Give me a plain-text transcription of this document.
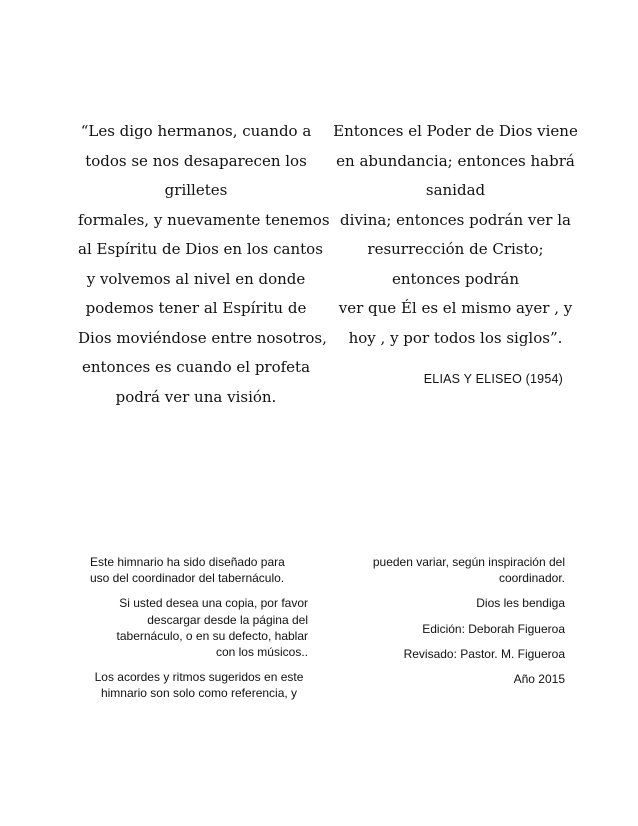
“Les digo hermanos, cuando a
todos se nos desaparecen los
grilletes
formales, y nuevamente tenemos
al Espíritu de Dios en los cantos
y volvemos al nivel en donde
podemos tener al Espíritu de
Dios moviéndose entre nosotros,
entonces es cuando el profeta
podrá ver una visión.
Entonces el Poder de Dios viene
en abundancia; entonces habrá
sanidad
divina; entonces podrán ver la
resurrección de Cristo;
entonces podrán
ver que Él es el mismo ayer , y
hoy , y por todos los siglos”.
ELIAS Y ELISEO (1954)
Este himnario ha sido diseñado para
uso del coordinador del tabernáculo.
Si usted desea una copia, por favor
descargar desde la página del
tabernáculo, o en su defecto, hablar
con los músicos..
Los acordes y ritmos sugeridos en este
himnario son solo como referencia, y
pueden variar, según inspiración del
coordinador.
Dios les bendiga
Edición: Deborah Figueroa
Revisado: Pastor. M. Figueroa
Año 2015
